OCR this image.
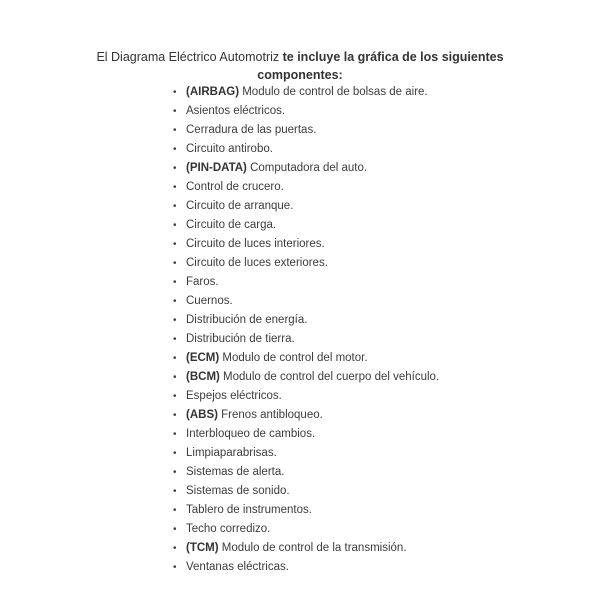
El Diagrama Eléctrico Automotriz te incluye la gráfica de los siguientes componentes:

• (AIRBAG) Modulo de control de bolsas de aire.
• Asientos eléctricos.
• Cerradura de las puertas.
• Circuito antirobo.
• (PIN-DATA) Computadora del auto.
• Control de crucero.
• Circuito de arranque.
• Circuito de carga.
• Circuito de luces interiores.
• Circuito de luces exteriores.
• Faros.
• Cuernos.
• Distribución de energía.
• Distribución de tierra.
• (ECM) Modulo de control del motor.
• (BCM) Modulo de control del cuerpo del vehículo.
• Espejos eléctricos.
• (ABS) Frenos antibloqueo.
• Interbloqueo de cambios.
• Limpiaparabrisas.
• Sistemas de alerta.
• Sistemas de sonido.
• Tablero de instrumentos.
• Techo corredizo.
• (TCM) Modulo de control de la transmisión.
• Ventanas eléctricas.
